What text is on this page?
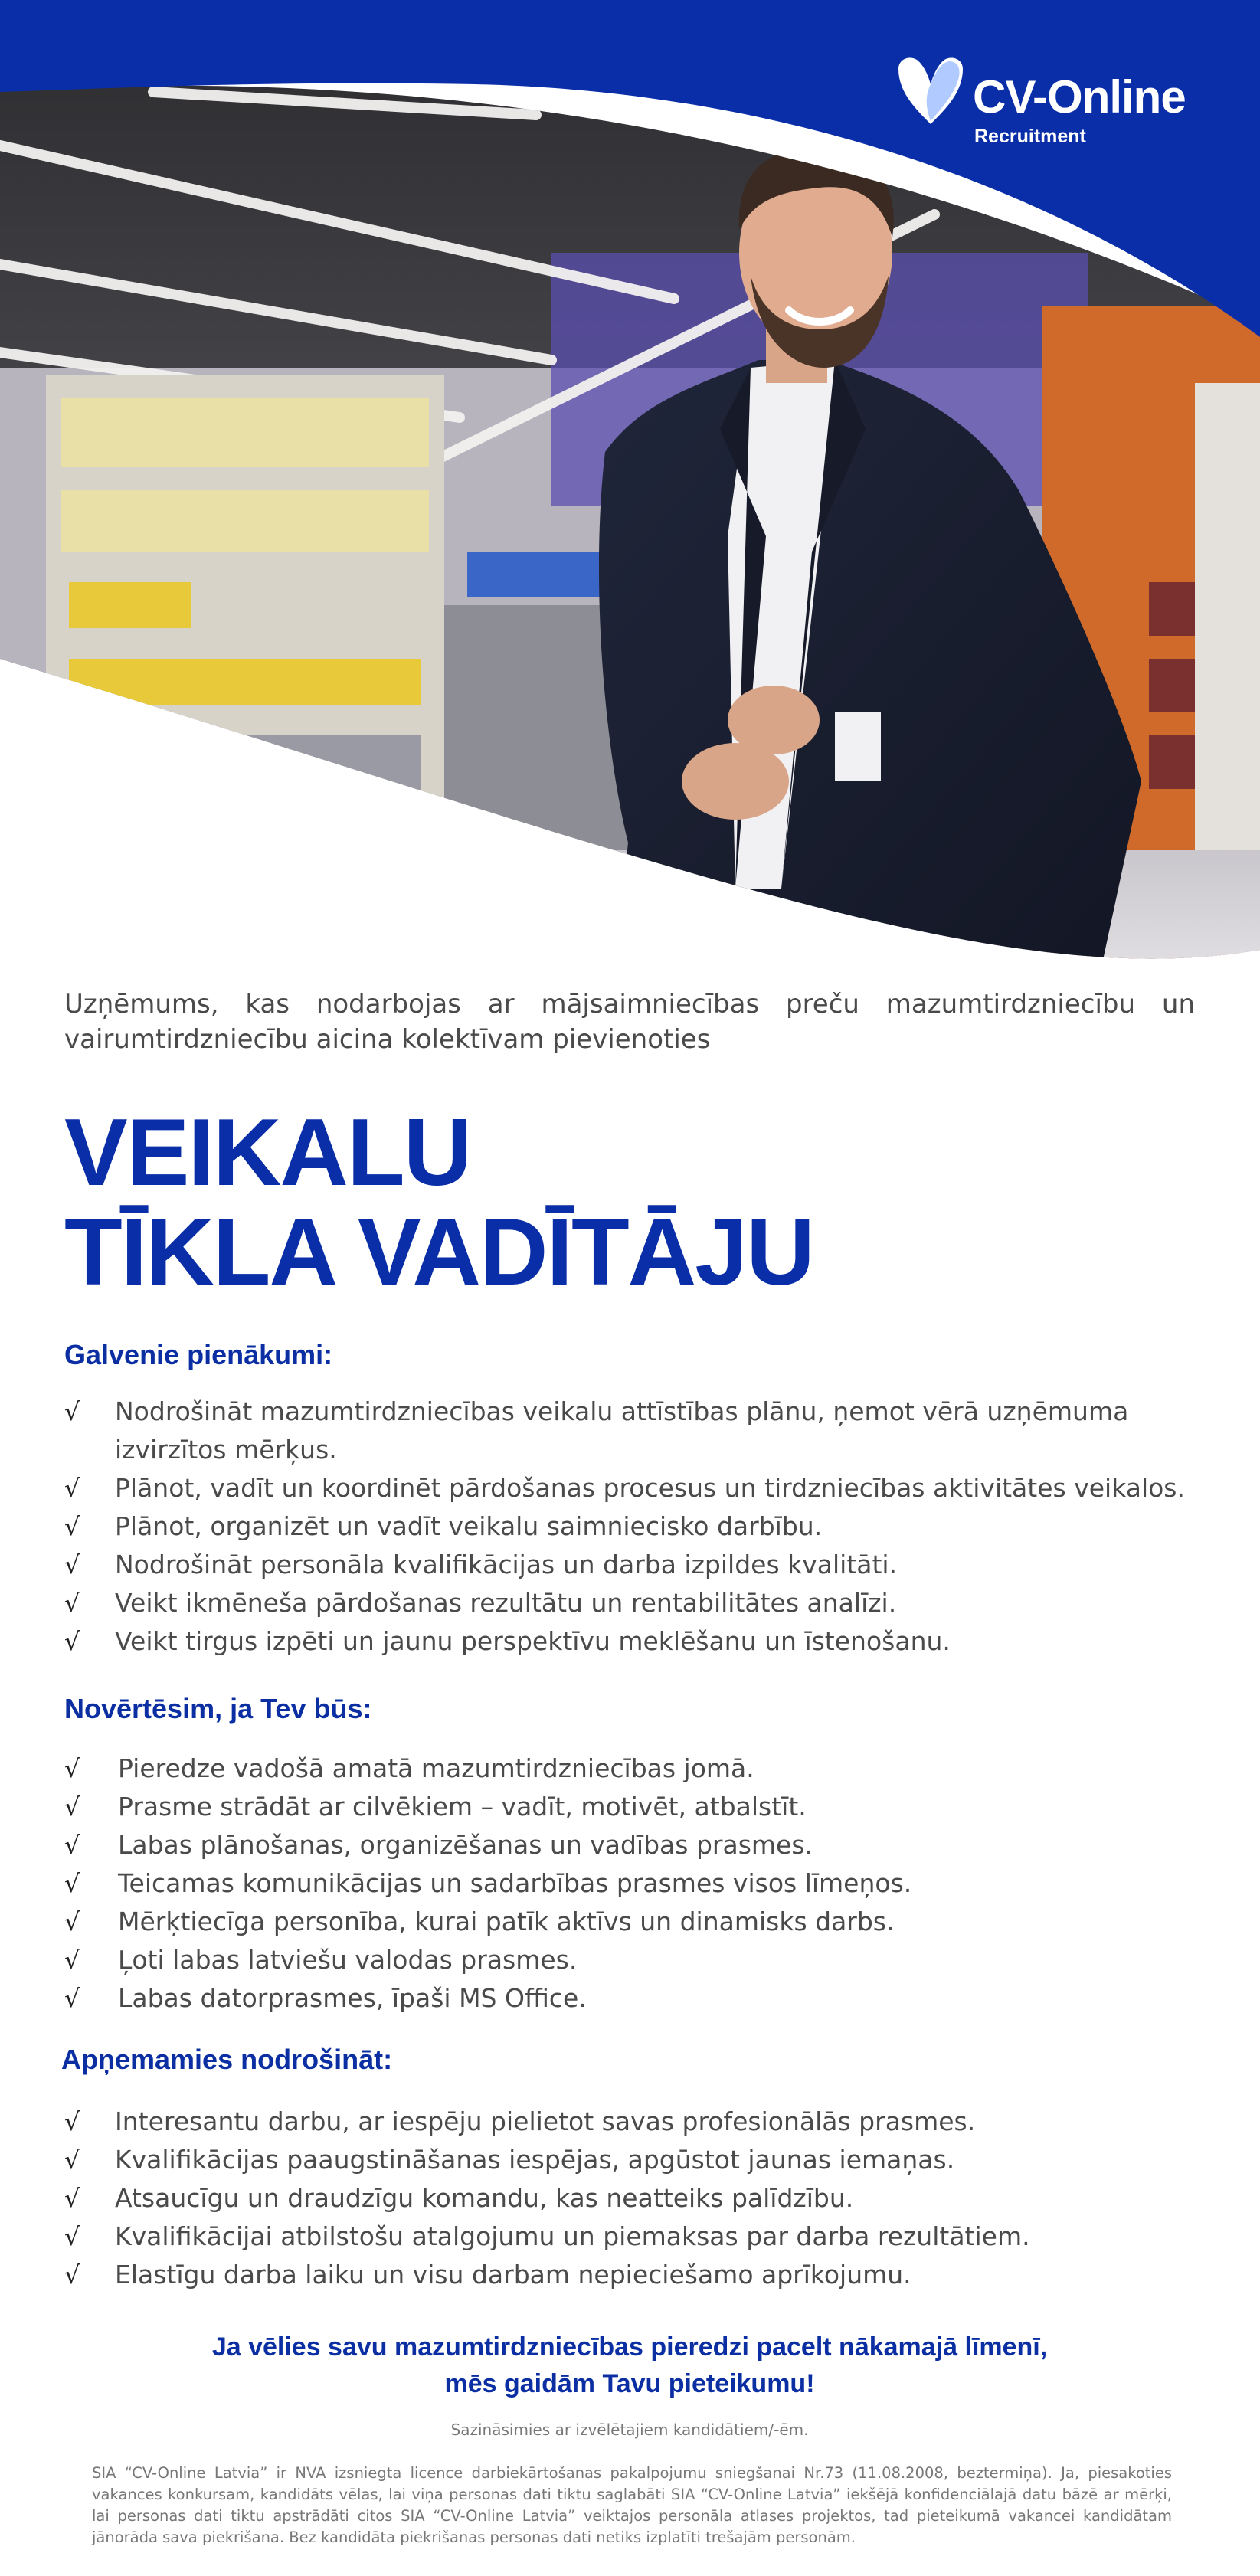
CV-Online
Recruitment
Uzņēmums, kas nodarbojas ar mājsaimniecības preču mazumtirdzniecību un vairumtirdzniecību aicina kolektīvam pievienoties
VEIKALU
TĪKLA VADĪTĀJU
Galvenie pienākumi:
√	Nodrošināt mazumtirdzniecības veikalu attīstības plānu, ņemot vērā uzņēmuma izvirzītos mērķus.
√	Plānot, vadīt un koordinēt pārdošanas procesus un tirdzniecības aktivitātes veikalos.
√	Plānot, organizēt un vadīt veikalu saimniecisko darbību.
√	Nodrošināt personāla kvalifikācijas un darba izpildes kvalitāti.
√	Veikt ikmēneša pārdošanas rezultātu un rentabilitātes analīzi.
√	Veikt tirgus izpēti un jaunu perspektīvu meklēšanu un īstenošanu.
Novērtēsim, ja Tev būs:
√	Pieredze vadošā amatā mazumtirdzniecības jomā.
√	Prasme strādāt ar cilvēkiem – vadīt, motivēt, atbalstīt.
√	Labas plānošanas, organizēšanas un vadības prasmes.
√	Teicamas komunikācijas un sadarbības prasmes visos līmeņos.
√	Mērķtiecīga personība, kurai patīk aktīvs un dinamisks darbs.
√	Ļoti labas latviešu valodas prasmes.
√	Labas datorprasmes, īpaši MS Office.
Apņemamies nodrošināt:
√	Interesantu darbu, ar iespēju pielietot savas profesionālās prasmes.
√	Kvalifikācijas paaugstināšanas iespējas, apgūstot jaunas iemaņas.
√	Atsaucīgu un draudzīgu komandu, kas neatteiks palīdzību.
√	Kvalifikācijai atbilstošu atalgojumu un piemaksas par darba rezultātiem.
√	Elastīgu darba laiku un visu darbam nepieciešamo aprīkojumu.
Ja vēlies savu mazumtirdzniecības pieredzi pacelt nākamajā līmenī,
mēs gaidām Tavu pieteikumu!
Sazināsimies ar izvēlētajiem kandidātiem/-ēm.
SIA “CV-Online Latvia” ir NVA izsniegta licence darbiekārtošanas pakalpojumu sniegšanai Nr.73 (11.08.2008, beztermiņa). Ja, piesakoties vakances konkursam, kandidāts vēlas, lai viņa personas dati tiktu saglabāti SIA “CV-Online Latvia” iekšējā konfidenciālajā datu bāzē ar mērķi, lai personas dati tiktu apstrādāti citos SIA “CV-Online Latvia” veiktajos personāla atlases projektos, tad pieteikumā vakancei kandidātam jānorāda sava piekrišana. Bez kandidāta piekrišanas personas dati netiks izplatīti trešajām personām.
